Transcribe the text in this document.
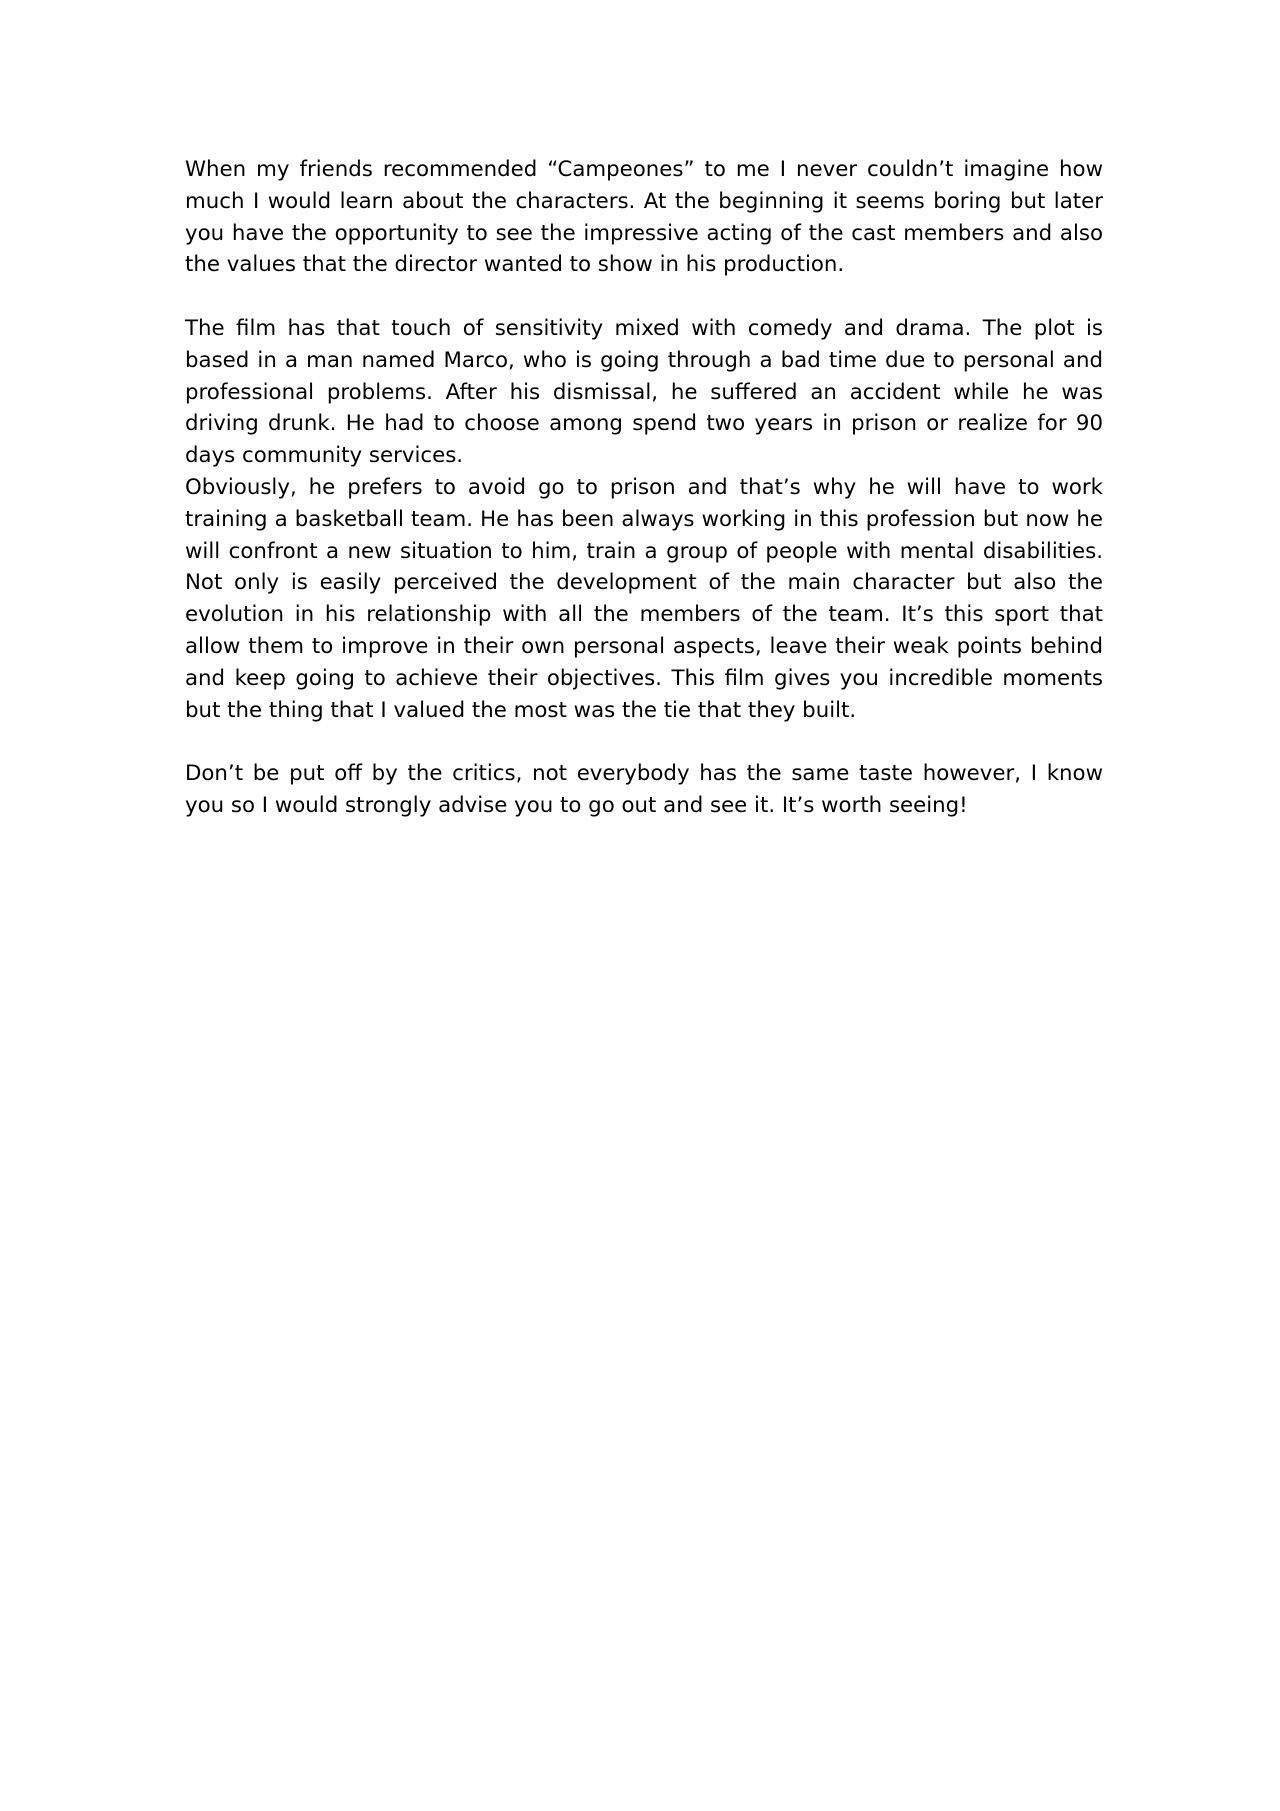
When my friends recommended “Campeones” to me I never couldn’t imagine how much I would learn about the characters. At the beginning it seems boring but later you have the opportunity to see the impressive acting of the cast members and also the values that the director wanted to show in his production.

The film has that touch of sensitivity mixed with comedy and drama. The plot is based in a man named Marco, who is going through a bad time due to personal and professional problems. After his dismissal, he suffered an accident while he was driving drunk. He had to choose among spend two years in prison or realize for 90 days community services.

Obviously, he prefers to avoid go to prison and that’s why he will have to work training a basketball team. He has been always working in this profession but now he will confront a new situation to him, train a group of people with mental disabilities. Not only is easily perceived the development of the main character but also the evolution in his relationship with all the members of the team. It’s this sport that allow them to improve in their own personal aspects, leave their weak points behind and keep going to achieve their objectives. This film gives you incredible moments but the thing that I valued the most was the tie that they built.

Don’t be put off by the critics, not everybody has the same taste however, I know you so I would strongly advise you to go out and see it. It’s worth seeing!
